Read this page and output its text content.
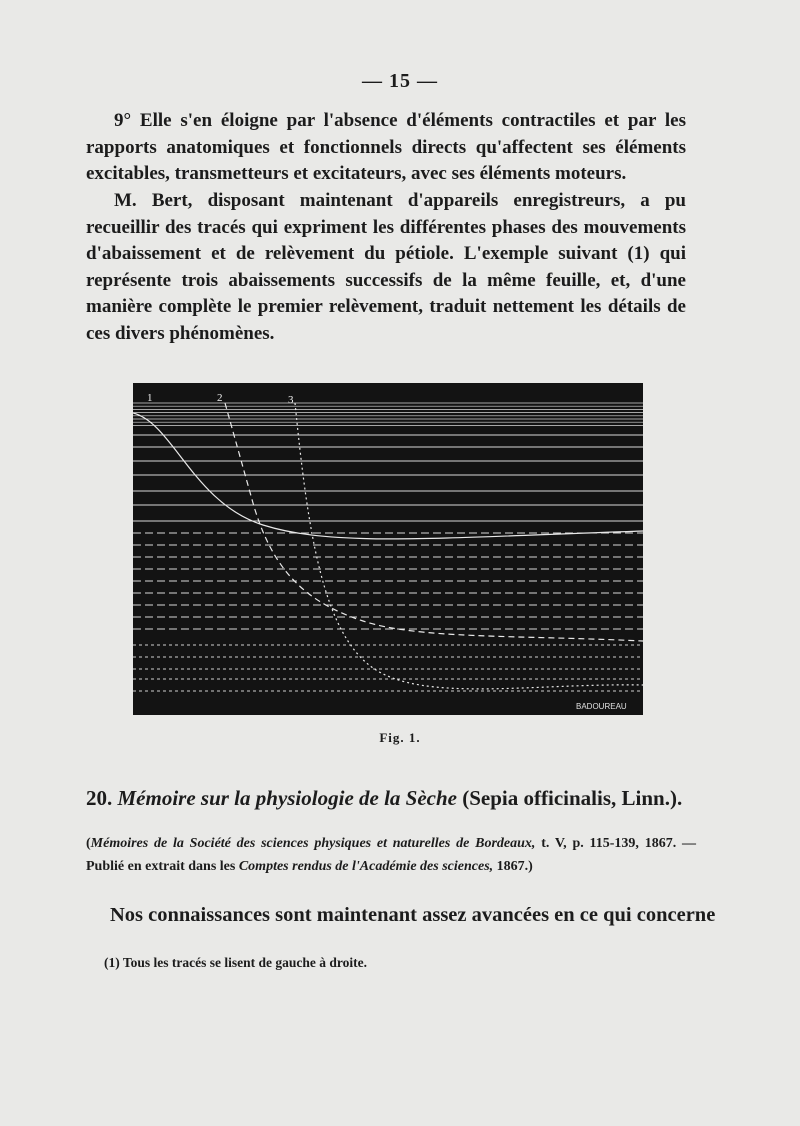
— 15 —

9° Elle s'en éloigne par l'absence d'éléments contractiles et par les rapports anatomiques et fonctionnels directs qu'affectent ses éléments excitables, transmetteurs et excitateurs, avec ses éléments moteurs.

M. Bert, disposant maintenant d'appareils enregistreurs, a pu recueillir des tracés qui expriment les différentes phases des mouvements d'abaissement et de relèvement du pétiole. L'exemple suivant (1) qui représente trois abaissements successifs de la même feuille, et, d'une manière complète le premier relèvement, traduit nettement les détails de ces divers phénomènes.

1	2	3
BADOUREAU
Fig. 1.
20. Mémoire sur la physiologie de la Sèche (Sepia officinalis, Linn.).
(Mémoires de la Société des sciences physiques et naturelles de Bordeaux, t. V, p. 115-139, 1867. — Publié en extrait dans les Comptes rendus de l'Académie des sciences, 1867.)
Nos connaissances sont maintenant assez avancées en ce qui concerne
(1) Tous les tracés se lisent de gauche à droite.
